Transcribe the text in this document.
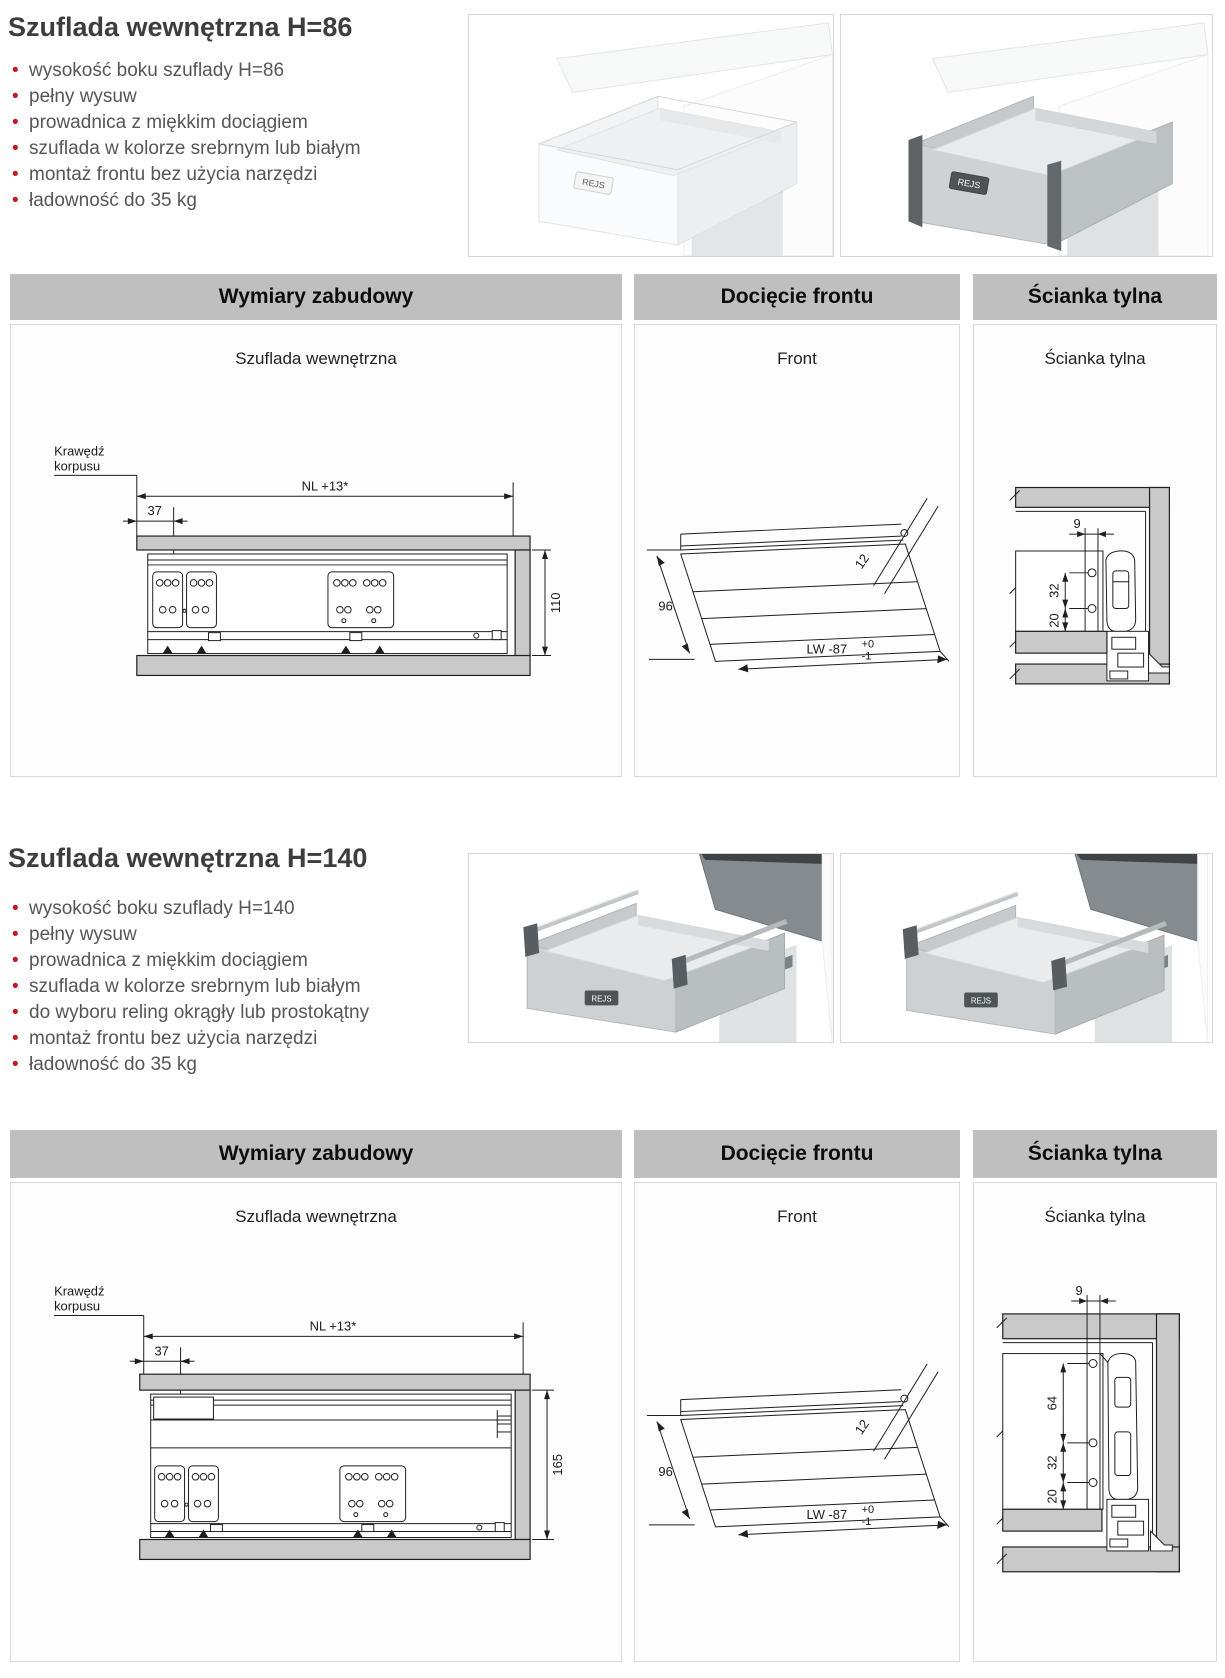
Szuflada wewnętrzna H=86
• wysokość boku szuflady H=86
• pełny wysuw
• prowadnica z miękkim dociągiem
• szuflada w kolorze srebrnym lub białym
• montaż frontu bez użycia narzędzi
• ładowność do 35 kg
REJS	REJS
Wymiary zabudowy	Docięcie frontu	Ścianka tylna
Szuflada wewnętrzna
Krawędź
korpusu
NL +13*
37
110
Front
96
12
LW -87 +0
-1
Ścianka tylna
9
32
20
Szuflada wewnętrzna H=140
• wysokość boku szuflady H=140
• pełny wysuw
• prowadnica z miękkim dociągiem
• szuflada w kolorze srebrnym lub białym
• do wyboru reling okrągły lub prostokątny
• montaż frontu bez użycia narzędzi
• ładowność do 35 kg
REJS	REJS
Wymiary zabudowy	Docięcie frontu	Ścianka tylna
Szuflada wewnętrzna
Krawędź
korpusu
NL +13*
37
165
Front
96
12
LW -87 +0
-1
Ścianka tylna
9
64
32
20
